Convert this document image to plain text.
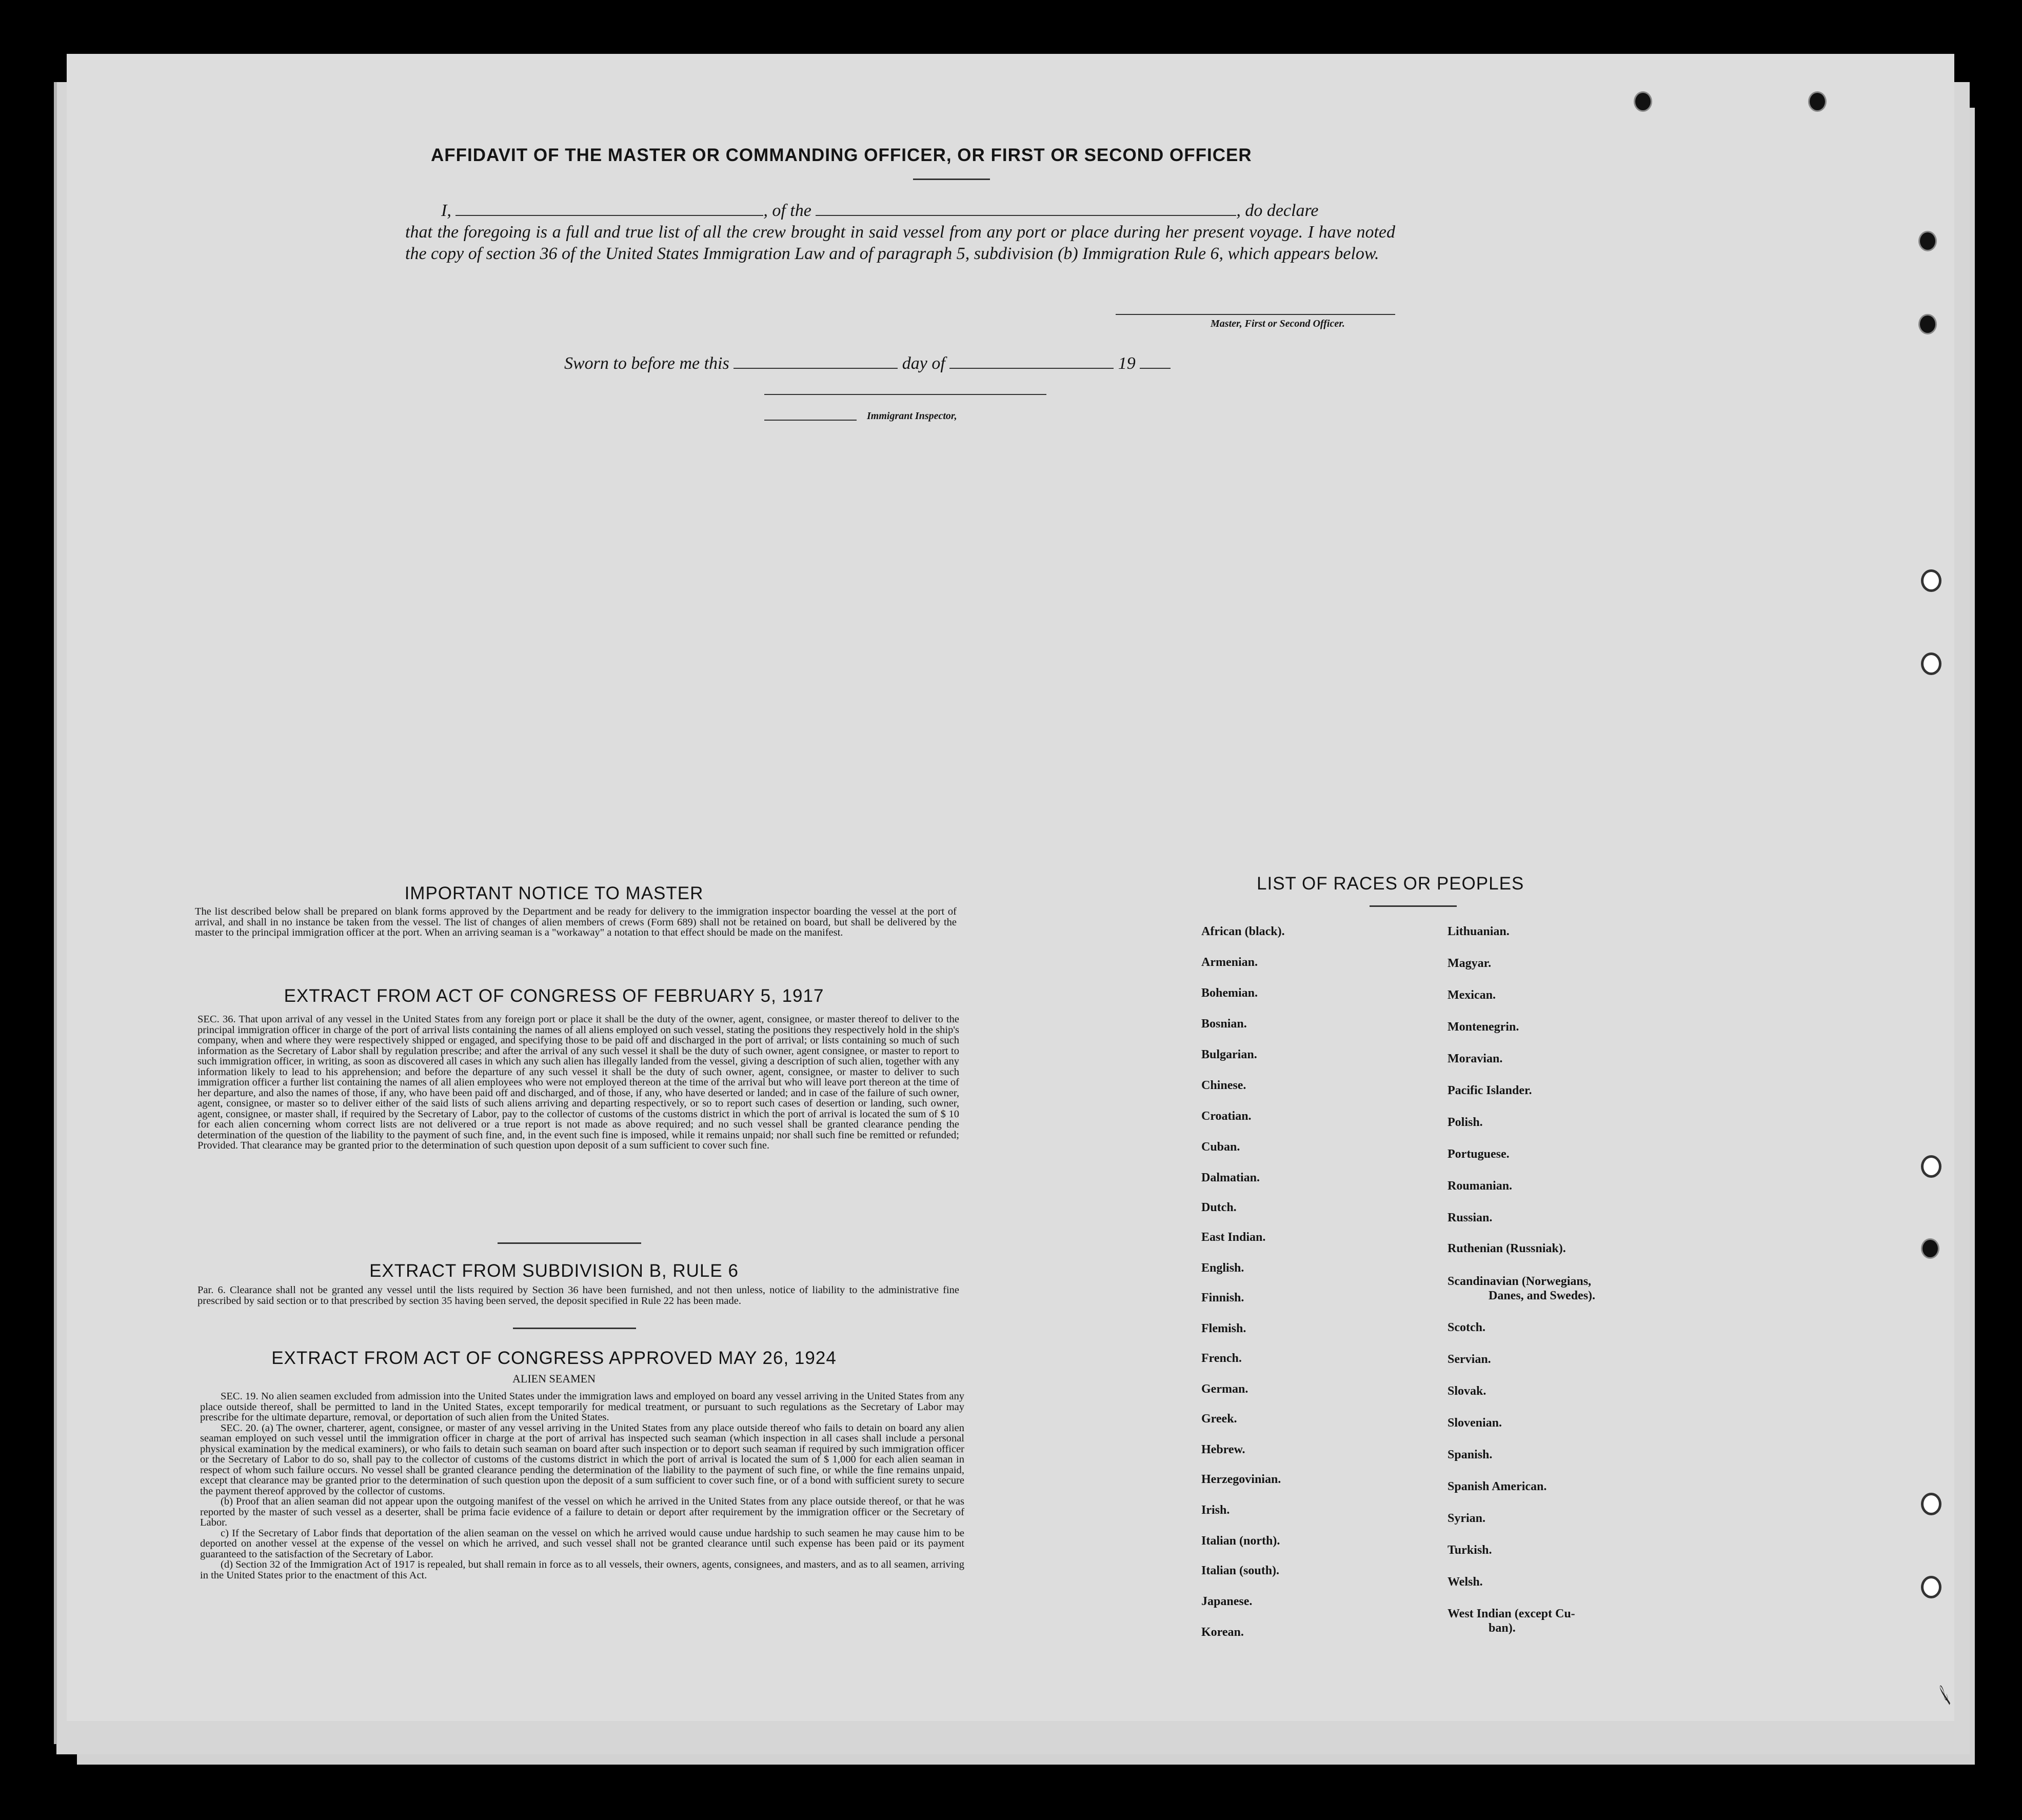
AFFIDAVIT OF THE MASTER OR COMMANDING OFFICER, OR FIRST OR SECOND OFFICER
I,	, of the	, do declare
that the foregoing is a full and true list of all the crew brought in said vessel from any port or place during her present voyage. I have noted the copy of section 36 of the United States Immigration Law and of paragraph 5, subdivision (b) Immigration Rule 6, which appears below.
Master, First or Second Officer.
Sworn to before me this	day of	19
Immigrant Inspector,
IMPORTANT NOTICE TO MASTER
The list described below shall be prepared on blank forms approved by the Department and be ready for delivery to the immigration inspector boarding the vessel at the port of arrival, and shall in no instance be taken from the vessel. The list of changes of alien members of crews (Form 689) shall not be retained on board, but shall be delivered by the master to the principal immigration officer at the port. When an arriving seaman is a "workaway" a notation to that effect should be made on the manifest.
EXTRACT FROM ACT OF CONGRESS OF FEBRUARY 5, 1917
SEC. 36. That upon arrival of any vessel in the United States from any foreign port or place it shall be the duty of the owner, agent, consignee, or master thereof to deliver to the principal immigration officer in charge of the port of arrival lists containing the names of all aliens employed on such vessel, stating the positions they respectively hold in the ship's company, when and where they were respectively shipped or engaged, and specifying those to be paid off and discharged in the port of arrival; or lists containing so much of such information as the Secretary of Labor shall by regulation prescribe; and after the arrival of any such vessel it shall be the duty of such owner, agent consignee, or master to report to such immigration officer, in writing, as soon as discovered all cases in which any such alien has illegally landed from the vessel, giving a description of such alien, together with any information likely to lead to his apprehension; and before the departure of any such vessel it shall be the duty of such owner, agent, consignee, or master to deliver to such immigration officer a further list containing the names of all alien employees who were not employed thereon at the time of the arrival but who will leave port thereon at the time of her departure, and also the names of those, if any, who have been paid off and discharged, and of those, if any, who have deserted or landed; and in case of the failure of such owner, agent, consignee, or master so to deliver either of the said lists of such aliens arriving and departing respectively, or so to report such cases of desertion or landing, such owner, agent, consignee, or master shall, if required by the Secretary of Labor, pay to the collector of customs of the customs district in which the port of arrival is located the sum of $ 10 for each alien concerning whom correct lists are not delivered or a true report is not made as above required; and no such vessel shall be granted clearance pending the determination of the question of the liability to the payment of such fine, and, in the event such fine is imposed, while it remains unpaid; nor shall such fine be remitted or refunded; Provided. That clearance may be granted prior to the determination of such question upon deposit of a sum sufficient to cover such fine.
EXTRACT FROM SUBDIVISION B, RULE 6
Par. 6. Clearance shall not be granted any vessel until the lists required by Section 36 have been furnished, and not then unless, notice of liability to the administrative fine prescribed by said section or to that prescribed by section 35 having been served, the deposit specified in Rule 22 has been made.
EXTRACT FROM ACT OF CONGRESS APPROVED MAY 26, 1924
ALIEN SEAMEN
SEC. 19. No alien seamen excluded from admission into the United States under the immigration laws and employed on board any vessel arriving in the United States from any place outside thereof, shall be permitted to land in the United States, except temporarily for medical treatment, or pursuant to such regulations as the Secretary of Labor may prescribe for the ultimate departure, removal, or deportation of such alien from the United States.
SEC. 20. (a) The owner, charterer, agent, consignee, or master of any vessel arriving in the United States from any place outside thereof who fails to detain on board any alien seaman employed on such vessel until the immigration officer in charge at the port of arrival has inspected such seaman (which inspection in all cases shall include a personal physical examination by the medical examiners), or who fails to detain such seaman on board after such inspection or to deport such seaman if required by such immigration officer or the Secretary of Labor to do so, shall pay to the collector of customs of the customs district in which the port of arrival is located the sum of $ 1,000 for each alien seaman in respect of whom such failure occurs. No vessel shall be granted clearance pending the determination of the liability to the payment of such fine, or while the fine remains unpaid, except that clearance may be granted prior to the determination of such question upon the deposit of a sum sufficient to cover such fine, or of a bond with sufficient surety to secure the payment thereof approved by the collector of customs.
(b) Proof that an alien seaman did not appear upon the outgoing manifest of the vessel on which he arrived in the United States from any place outside thereof, or that he was reported by the master of such vessel as a deserter, shall be prima facie evidence of a failure to detain or deport after requirement by the immigration officer or the Secretary of Labor.
c) If the Secretary of Labor finds that deportation of the alien seaman on the vessel on which he arrived would cause undue hardship to such seamen he may cause him to be deported on another vessel at the expense of the vessel on which he arrived, and such vessel shall not be granted clearance until such expense has been paid or its payment guaranteed to the satisfaction of the Secretary of Labor.
(d) Section 32 of the Immigration Act of 1917 is repealed, but shall remain in force as to all vessels, their owners, agents, consignees, and masters, and as to all seamen, arriving in the United States prior to the enactment of this Act.
LIST OF RACES OR PEOPLES
African (black).
Armenian.
Bohemian.
Bosnian.
Bulgarian.
Chinese.
Croatian.
Cuban.
Dalmatian.
Dutch.
East Indian.
English.
Finnish.
Flemish.
French.
German.
Greek.
Hebrew.
Herzegovinian.
Irish.
Italian (north).
Italian (south).
Japanese.
Korean.
Lithuanian.
Magyar.
Mexican.
Montenegrin.
Moravian.
Pacific Islander.
Polish.
Portuguese.
Roumanian.
Russian.
Ruthenian (Russniak).
Scandinavian (Norwegians,
Danes, and Swedes).
Scotch.
Servian.
Slovak.
Slovenian.
Spanish.
Spanish American.
Syrian.
Turkish.
Welsh.
West Indian (except Cu-
ban).
𝒻
